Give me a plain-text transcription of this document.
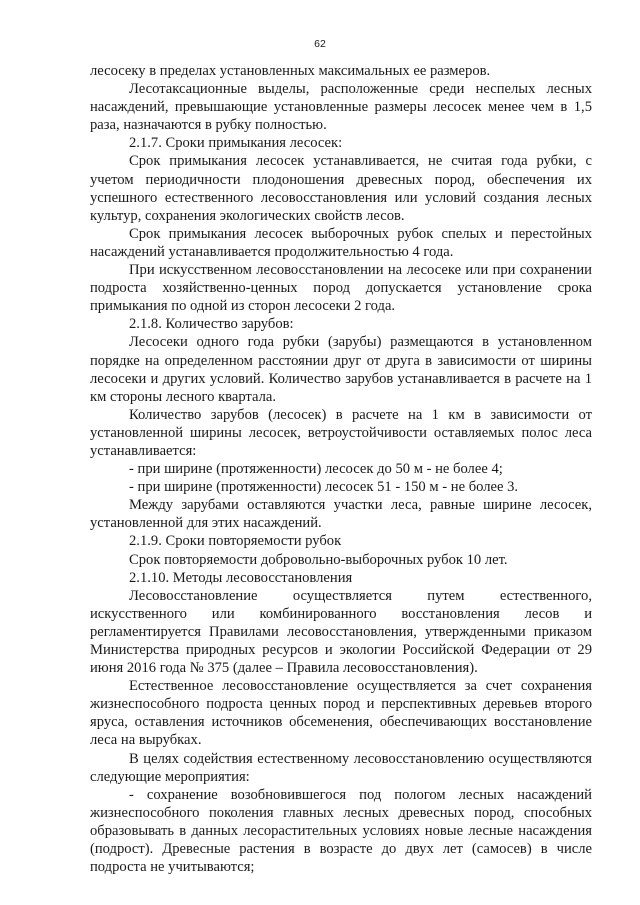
62

лесосеку в пределах установленных максимальных ее размеров.

Лесотаксационные выделы, расположенные среди неспелых лесных насаждений, превышающие установленные размеры лесосек менее чем в 1,5 раза, назначаются в рубку полностью.

2.1.7. Сроки примыкания лесосек:

Срок примыкания лесосек устанавливается, не считая года рубки, с учетом периодичности плодоношения древесных пород, обеспечения их успешного естественного лесовосстановления или условий создания лесных культур, сохранения экологических свойств лесов.

Срок примыкания лесосек выборочных рубок спелых и перестойных насаждений устанавливается продолжительностью 4 года.

При искусственном лесовосстановлении на лесосеке или при сохранении подроста хозяйственно-ценных пород допускается установление срока примыкания по одной из сторон лесосеки 2 года.

2.1.8. Количество зарубов:

Лесосеки одного года рубки (зарубы) размещаются в установленном порядке на определенном расстоянии друг от друга в зависимости от ширины лесосеки и других условий. Количество зарубов устанавливается в расчете на 1 км стороны лесного квартала.

Количество зарубов (лесосек) в расчете на 1 км в зависимости от установленной ширины лесосек, ветроустойчивости оставляемых полос леса устанавливается:

- при ширине (протяженности) лесосек до 50 м - не более 4;

- при ширине (протяженности) лесосек 51 - 150 м - не более 3.

Между зарубами оставляются участки леса, равные ширине лесосек, установленной для этих насаждений.

2.1.9. Сроки повторяемости рубок

Срок повторяемости добровольно-выборочных рубок 10 лет.

2.1.10. Методы лесовосстановления

Лесовосстановление осуществляется путем естественного, искусственного или комбинированного восстановления лесов и регламентируется Правилами лесовосстановления, утвержденными приказом Министерства природных ресурсов и экологии Российской Федерации от 29 июня 2016 года № 375 (далее – Правила лесовосстановления).

Естественное лесовосстановление осуществляется за счет сохранения жизнеспособного подроста ценных пород и перспективных деревьев второго яруса, оставления источников обсеменения, обеспечивающих восстановление леса на вырубках.

В целях содействия естественному лесовосстановлению осуществляются следующие мероприятия:

- сохранение возобновившегося под пологом лесных насаждений жизнеспособного поколения главных лесных древесных пород, способных образовывать в данных лесорастительных условиях новые лесные насаждения (подрост). Древесные растения в возрасте до двух лет (самосев) в числе подроста не учитываются;
